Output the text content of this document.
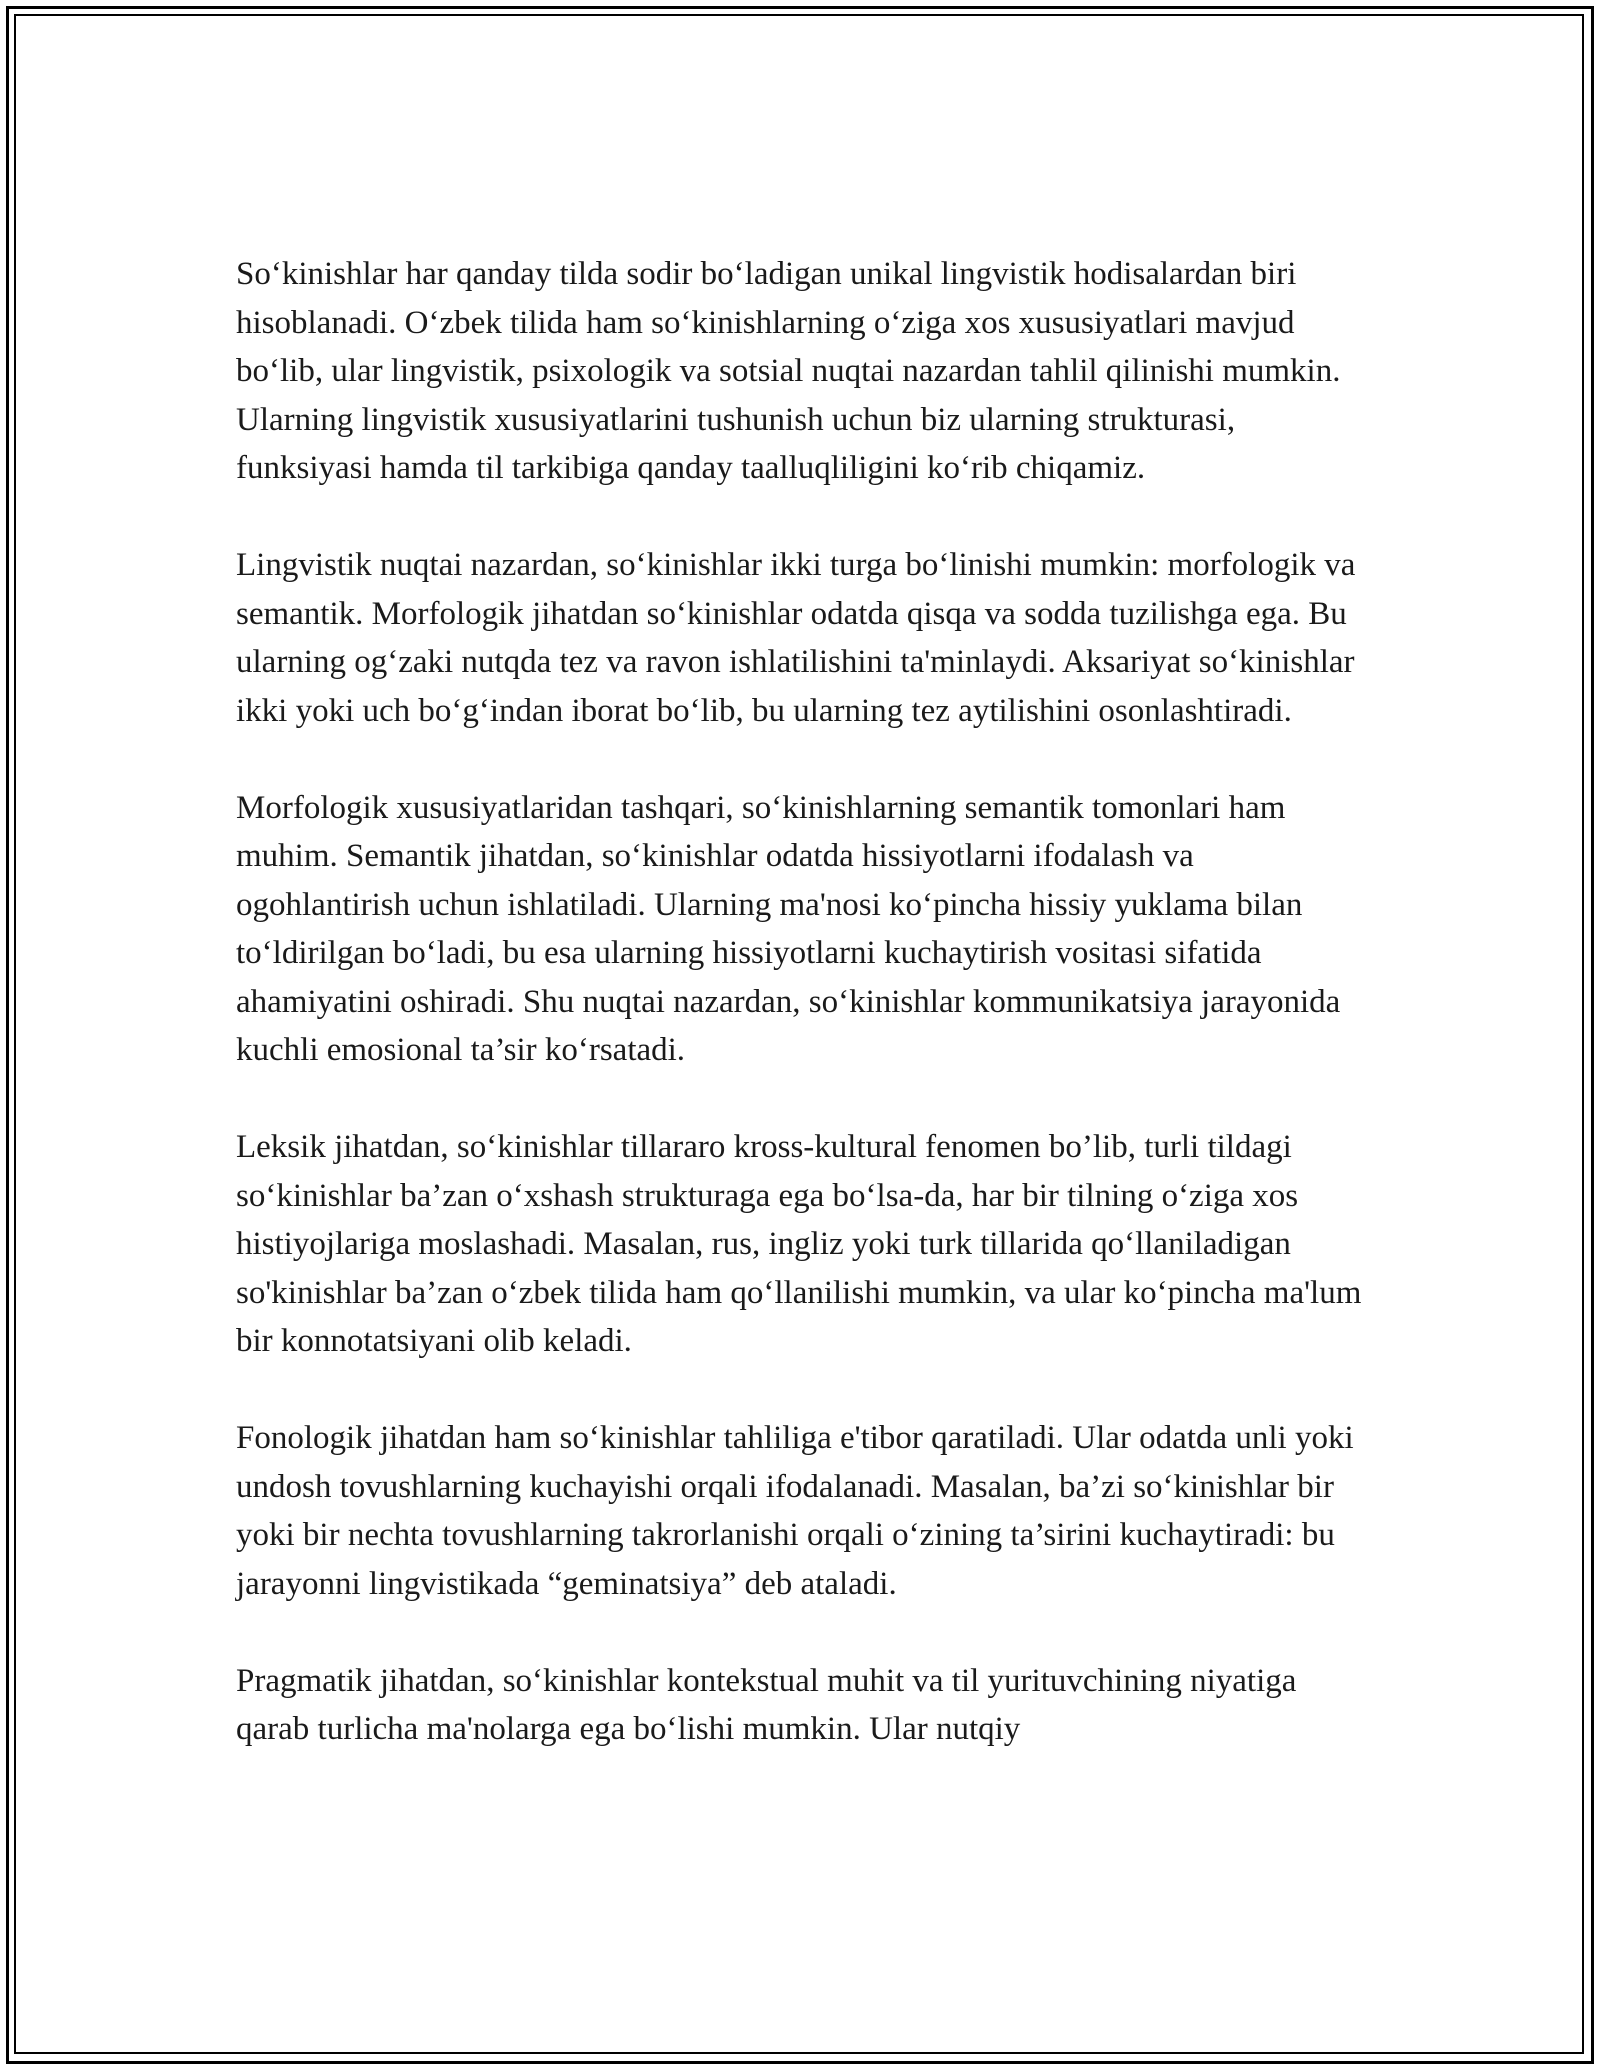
So‘kinishlar har qanday tilda sodir bo‘ladigan unikal lingvistik hodisalardan biri hisoblanadi. O‘zbek tilida ham so‘kinishlarning o‘ziga xos xususiyatlari mavjud bo‘lib, ular lingvistik, psixologik va sotsial nuqtai nazardan tahlil qilinishi mumkin. Ularning lingvistik xususiyatlarini tushunish uchun biz ularning strukturasi, funksiyasi hamda til tarkibiga qanday taalluqliligini ko‘rib chiqamiz.

Lingvistik nuqtai nazardan, so‘kinishlar ikki turga bo‘linishi mumkin: morfologik va semantik. Morfologik jihatdan so‘kinishlar odatda qisqa va sodda tuzilishga ega. Bu ularning og‘zaki nutqda tez va ravon ishlatilishini ta'minlaydi. Aksariyat so‘kinishlar ikki yoki uch bo‘g‘indan iborat bo‘lib, bu ularning tez aytilishini osonlashtiradi.

Morfologik xususiyatlaridan tashqari, so‘kinishlarning semantik tomonlari ham muhim. Semantik jihatdan, so‘kinishlar odatda hissiyotlarni ifodalash va ogohlantirish uchun ishlatiladi. Ularning ma'nosi ko‘pincha hissiy yuklama bilan to‘ldirilgan bo‘ladi, bu esa ularning hissiyotlarni kuchaytirish vositasi sifatida ahamiyatini oshiradi. Shu nuqtai nazardan, so‘kinishlar kommunikatsiya jarayonida kuchli emosional ta’sir ko‘rsatadi.

Leksik jihatdan, so‘kinishlar tillararo kross-kultural fenomen bo’lib, turli tildagi so‘kinishlar ba’zan o‘xshash strukturaga ega bo‘lsa-da, har bir tilning o‘ziga xos histiyojlariga moslashadi. Masalan, rus, ingliz yoki turk tillarida qo‘llaniladigan so'kinishlar ba’zan o‘zbek tilida ham qo‘llanilishi mumkin, va ular ko‘pincha ma'lum bir konnotatsiyani olib keladi.

Fonologik jihatdan ham so‘kinishlar tahliliga e'tibor qaratiladi. Ular odatda unli yoki undosh tovushlarning kuchayishi orqali ifodalanadi. Masalan, ba’zi so‘kinishlar bir yoki bir nechta tovushlarning takrorlanishi orqali o‘zining ta’sirini kuchaytiradi: bu jarayonni lingvistikada “geminatsiya” deb ataladi.

Pragmatik jihatdan, so‘kinishlar kontekstual muhit va til yurituvchining niyatiga qarab turlicha ma'nolarga ega bo‘lishi mumkin. Ular nutqiy
